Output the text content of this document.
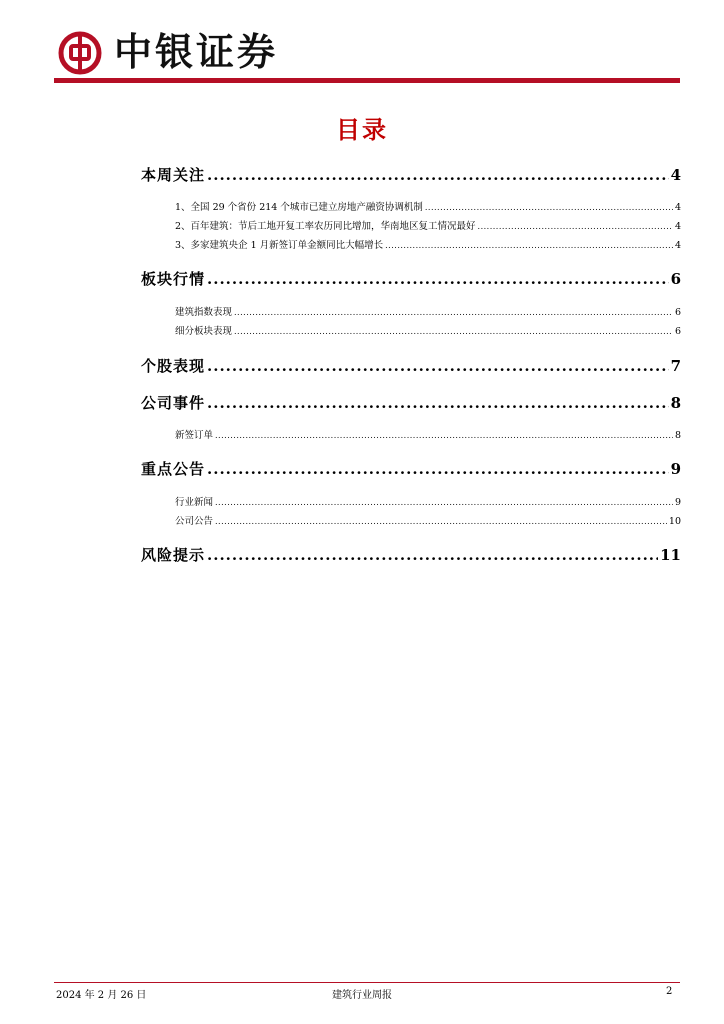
中银证券
目录
本周关注 .....	4
1、全国 29 个省份 214 个城市已建立房地产融资协调机制 .....	4
2、百年建筑：节后工地开复工率农历同比增加，华南地区复工情况最好 .....	4
3、多家建筑央企 1 月新签订单金额同比大幅增长 .....	4
板块行情 .....	6
建筑指数表现 .....	6
细分板块表现 .....	6
个股表现 .....	7
公司事件 .....	8
新签订单 .....	8
重点公告 .....	9
行业新闻 .....	9
公司公告 .....	10
风险提示 .....	11
2024 年 2 月 26 日	建筑行业周报	2
